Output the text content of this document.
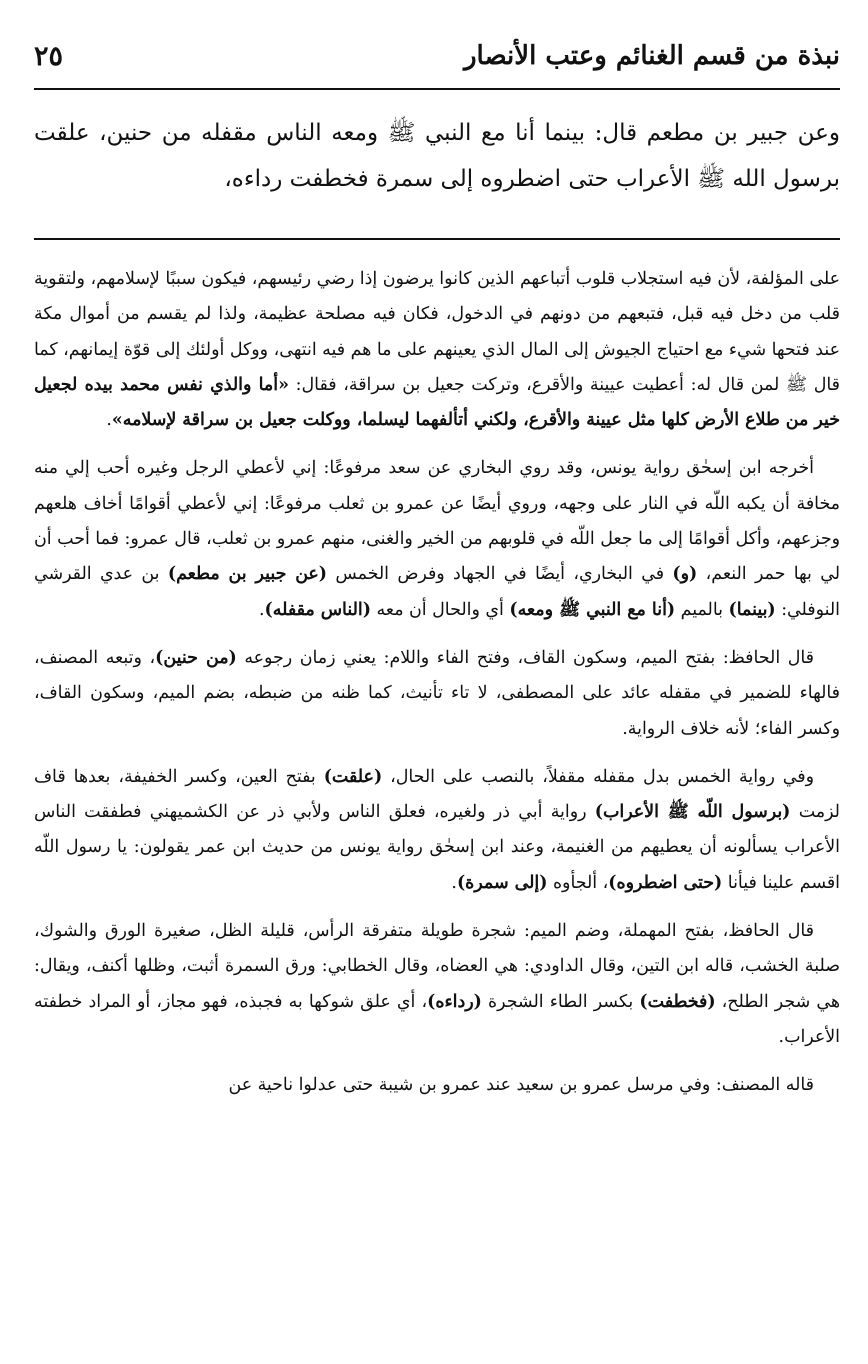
نبذة من قسم الغنائم وعتب الأنصار
٢٥
وعن جبير بن مطعم قال: بينما أنا مع النبي ﷺ ومعه الناس مقفله من حنين، علقت برسول الله ﷺ الأعراب حتى اضطروه إلى سمرة فخطفت رداءه،

على المؤلفة، لأن فيه استجلاب قلوب أتباعهم الذين كانوا يرضون إذا رضي رئيسهم، فيكون سببًا لإسلامهم، ولتقوية قلب من دخل فيه قبل، فتبعهم من دونهم في الدخول، فكان فيه مصلحة عظيمة، ولذا لم يقسم من أموال مكة عند فتحها شيء مع احتياج الجيوش إلى المال الذي يعينهم على ما هم فيه انتهى، ووكل أولئك إلى قوّة إيمانهم، كما قال ﷺ لمن قال له: أعطيت عيينة والأقرع، وتركت جعيل بن سراقة، فقال: «أما والذي نفس محمد بيده لجعيل خير من طلاع الأرض كلها مثل عيينة والأقرع، ولكني أتألفهما ليسلما، ووكلت جعيل بن سراقة لإسلامه».

أخرجه ابن إسحٰق رواية يونس، وقد روي البخاري عن سعد مرفوعًا: إني لأعطي الرجل وغيره أحب إلي منه مخافة أن يكبه اللّه في النار على وجهه، وروي أيضًا عن عمرو بن ثعلب مرفوعًا: إني لأعطي أقوامًا أخاف هلعهم وجزعهم، وأكل أقوامًا إلى ما جعل اللّه في قلوبهم من الخير والغنى، منهم عمرو بن ثعلب، قال عمرو: فما أحب أن لي بها حمر النعم، (و) في البخاري، أيضًا في الجهاد وفرض الخمس (عن جبير بن مطعم) بن عدي القرشي النوفلي: (بينما) بالميم (أنا مع النبي ﷺ ومعه) أي والحال أن معه (الناس مقفله).

قال الحافظ: بفتح الميم، وسكون القاف، وفتح الفاء واللام: يعني زمان رجوعه (من حنين)، وتبعه المصنف، فالهاء للضمير في مقفله عائد على المصطفى، لا تاء تأنيث، كما ظنه من ضبطه، بضم الميم، وسكون القاف، وكسر الفاء؛ لأنه خلاف الرواية.

وفي رواية الخمس بدل مقفله مقفلاً، بالنصب على الحال، (علقت) بفتح العين، وكسر الخفيفة، بعدها قاف لزمت (برسول اللّه ﷺ الأعراب) رواية أبي ذر ولغيره، فعلق الناس ولأبي ذر عن الكشميهني فطفقت الناس الأعراب يسألونه أن يعطيهم من الغنيمة، وعند ابن إسحٰق رواية يونس من حديث ابن عمر يقولون: يا رسول اللّه اقسم علينا فيأنا (حتى اضطروه)، ألجأوه (إلى سمرة).

قال الحافظ، بفتح المهملة، وضم الميم: شجرة طويلة متفرقة الرأس، قليلة الظل، صغيرة الورق والشوك، صلبة الخشب، قاله ابن التين، وقال الداودي: هي العضاه، وقال الخطابي: ورق السمرة أثبت، وظلها أكنف، ويقال: هي شجر الطلح، (فخطفت) بكسر الطاء الشجرة (رداءه)، أي علق شوكها به فجبذه، فهو مجاز، أو المراد خطفته الأعراب.

قاله المصنف: وفي مرسل عمرو بن سعيد عند عمرو بن شيبة حتى عدلوا ناحية عن
